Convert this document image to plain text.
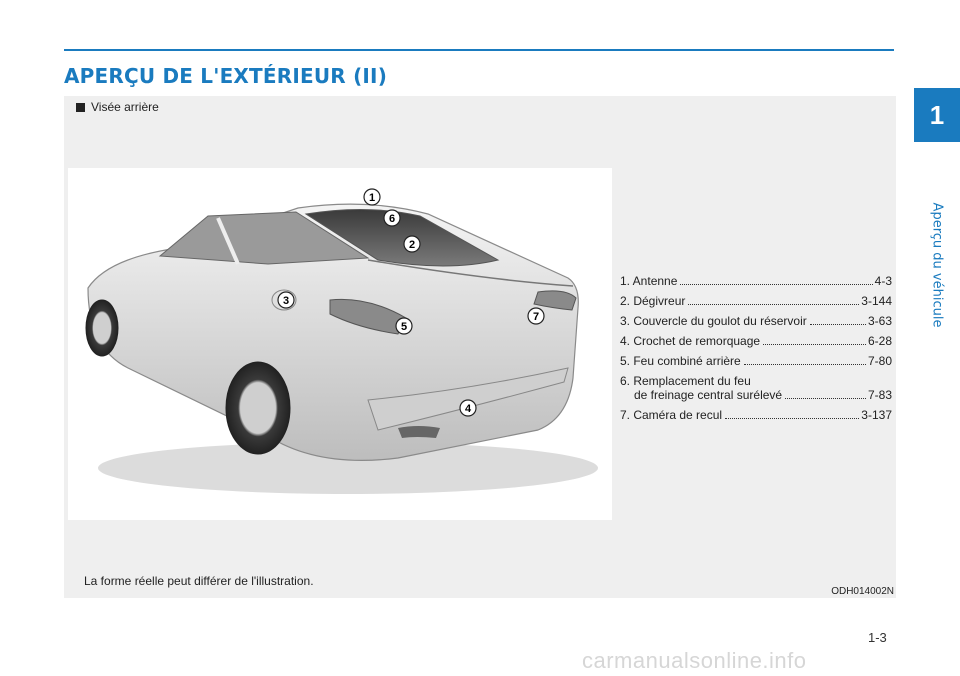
APERÇU DE L'EXTÉRIEUR (II)
1
Aperçu du véhicule
Visée arrière
1
6
2
3
5
7
4
1. Antenne	4-3
2. Dégivreur	3-144
3. Couvercle du goulot du réservoir	3-63
4. Crochet de remorquage	6-28
5. Feu combiné arrière	7-80
6. Remplacement du feu
de freinage central surélevé	7-83
7. Caméra de recul	3-137
La forme réelle peut différer de l'illustration.
ODH014002N
1-3
carmanualsonline.info
